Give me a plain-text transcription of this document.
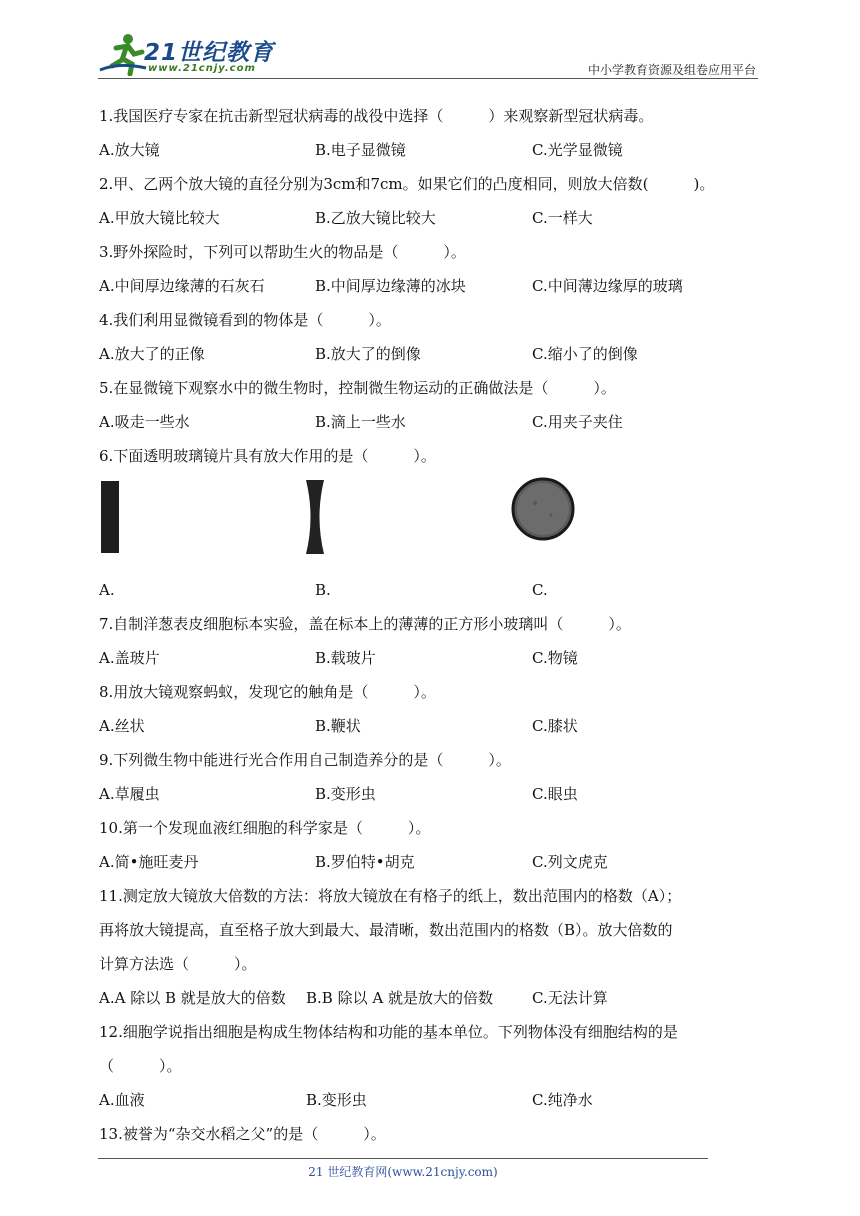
21世纪教育
www.21cnjy.com	中小学教育资源及组卷应用平台
1.我国医疗专家在抗击新型冠状病毒的战役中选择（　　　）来观察新型冠状病毒。
A.放大镜	B.电子显微镜	C.光学显微镜
2.甲、乙两个放大镜的直径分别为3cm和7cm。如果它们的凸度相同，则放大倍数(　　　)。
A.甲放大镜比较大	B.乙放大镜比较大	C.一样大
3.野外探险时，下列可以帮助生火的物品是（　　　）。
A.中间厚边缘薄的石灰石	B.中间厚边缘薄的冰块	C.中间薄边缘厚的玻璃
4.我们利用显微镜看到的物体是（　　　）。
A.放大了的正像	B.放大了的倒像	C.缩小了的倒像
5.在显微镜下观察水中的微生物时，控制微生物运动的正确做法是（　　　）。
A.吸走一些水	B.滴上一些水	C.用夹子夹住
6.下面透明玻璃镜片具有放大作用的是（　　　）。
A.	B.	C.
7.自制洋葱表皮细胞标本实验，盖在标本上的薄薄的正方形小玻璃叫（　　　）。
A.盖玻片	B.载玻片	C.物镜
8.用放大镜观察蚂蚁，发现它的触角是（　　　）。
A.丝状	B.鞭状	C.膝状
9.下列微生物中能进行光合作用自己制造养分的是（　　　）。
A.草履虫	B.变形虫	C.眼虫
10.第一个发现血液红细胞的科学家是（　　　）。
A.简•施旺麦丹	B.罗伯特•胡克	C.列文虎克
11.测定放大镜放大倍数的方法：将放大镜放在有格子的纸上，数出范围内的格数（A）；
再将放大镜提高，直至格子放大到最大、最清晰，数出范围内的格数（B）。放大倍数的
计算方法选（　　　）。
A.A 除以 B 就是放大的倍数 B.B 除以 A 就是放大的倍数	C.无法计算
12.细胞学说指出细胞是构成生物体结构和功能的基本单位。下列物体没有细胞结构的是
（　　　）。
A.血液	B.变形虫	C.纯净水
13.被誉为“杂交水稻之父”的是（　　　）。
21 世纪教育网(www.21cnjy.com)
